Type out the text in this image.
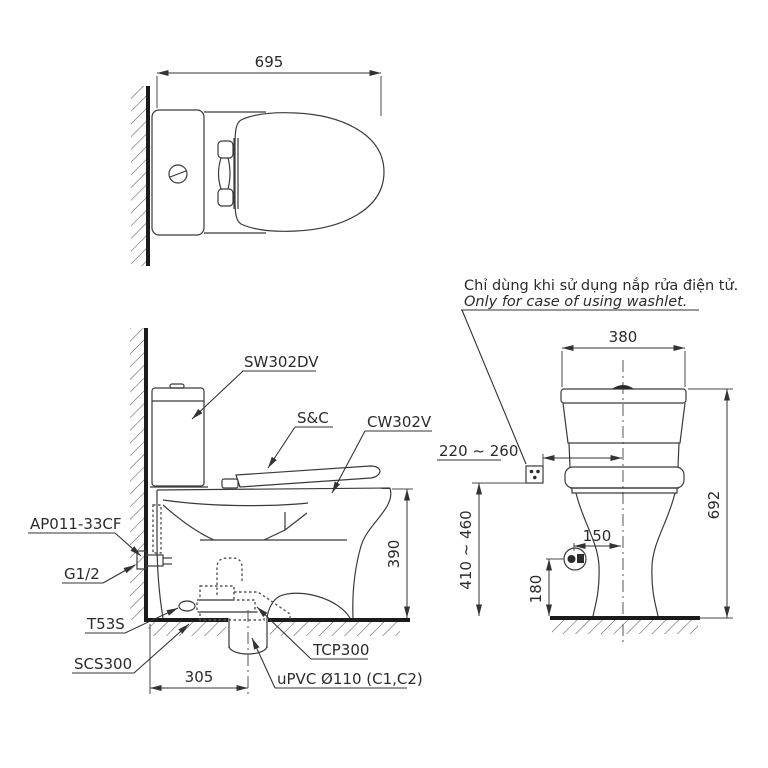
695
390
305
SW302DV
S&C	CW302V
AP011-33CF
G1/2
T53S
SCS300
TCP300
uPVC Ø110 (C1,C2)
Chỉ dùng khi sử dụng nắp rửa điện tử.
Only for case of using washlet.
380
692
220 ~ 260
410 ~ 460	150
180
